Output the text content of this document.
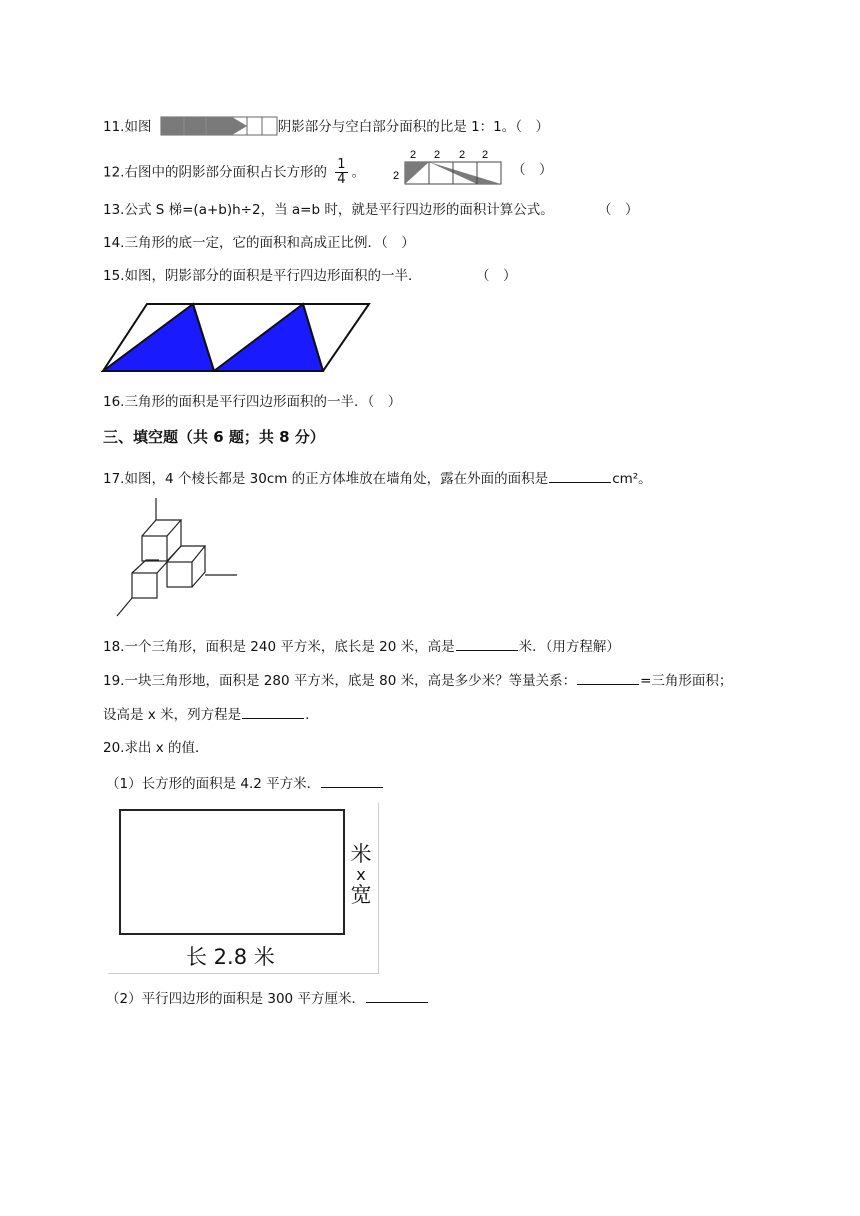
11.如图	阴影部分与空白部分面积的比是 1：1。（　）
12.右图中的阴影部分面积占长方形的 $\frac{1}{4}$ 。
2 2 2 2
2	（　）
13.公式 S 梯=(a+b)h÷2，当 a=b 时，就是平行四边形的面积计算公式。	（　）
14.三角形的底一定，它的面积和高成正比例．（　）
15.如图，阴影部分的面积是平行四边形面积的一半．	（　）
16.三角形的面积是平行四边形面积的一半．（　）
三、填空题（共 6 题；共 8 分）
17.如图，4 个棱长都是 30cm 的正方体堆放在墙角处，露在外面的面积是	cm²。
18.一个三角形，面积是 240 平方米，底长是 20 米，高是	米．（用方程解）
19.一块三角形地，面积是 280 平方米，底是 80 米，高是多少米？等量关系：	=三角形面积；
设高是 x 米，列方程是	.
20.求出 x 的值．
（1）长方形的面积是 4.2 平方米．
长 2.8 米
米
x
宽
（2）平行四边形的面积是 300 平方厘米．
